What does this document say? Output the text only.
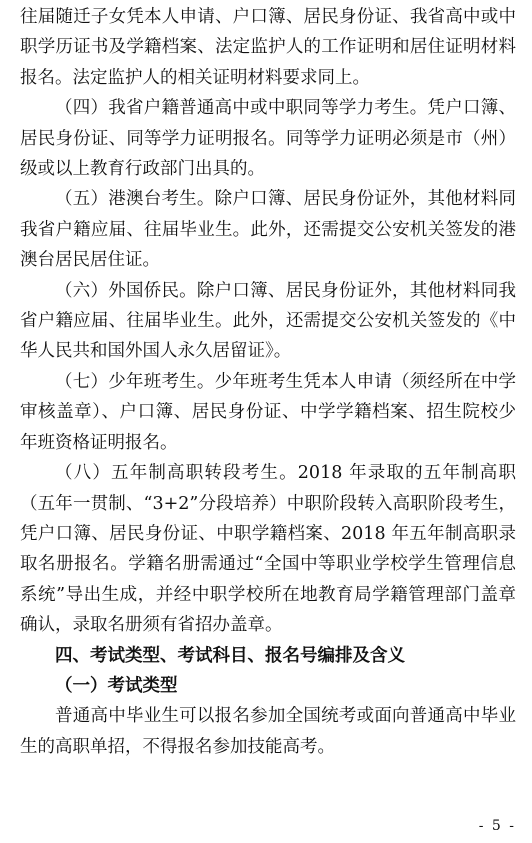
往届随迁子女凭本人申请、户口簿、居民身份证、我省高中或中职学历证书及学籍档案、法定监护人的工作证明和居住证明材料报名。法定监护人的相关证明材料要求同上。

（四）我省户籍普通高中或中职同等学力考生。凭户口簿、居民身份证、同等学力证明报名。同等学力证明必须是市（州）级或以上教育行政部门出具的。

（五）港澳台考生。除户口簿、居民身份证外，其他材料同我省户籍应届、往届毕业生。此外，还需提交公安机关签发的港澳台居民居住证。

（六）外国侨民。除户口簿、居民身份证外，其他材料同我省户籍应届、往届毕业生。此外，还需提交公安机关签发的《中华人民共和国外国人永久居留证》。

（七）少年班考生。少年班考生凭本人申请（须经所在中学审核盖章）、户口簿、居民身份证、中学学籍档案、招生院校少年班资格证明报名。

（八）五年制高职转段考生。2018 年录取的五年制高职（五年一贯制、“3+2”分段培养）中职阶段转入高职阶段考生，凭户口簿、居民身份证、中职学籍档案、2018 年五年制高职录取名册报名。学籍名册需通过“全国中等职业学校学生管理信息系统”导出生成，并经中职学校所在地教育局学籍管理部门盖章确认，录取名册须有省招办盖章。

四、考试类型、考试科目、报名号编排及含义

（一）考试类型

普通高中毕业生可以报名参加全国统考或面向普通高中毕业生的高职单招，不得报名参加技能高考。

- 5 -
